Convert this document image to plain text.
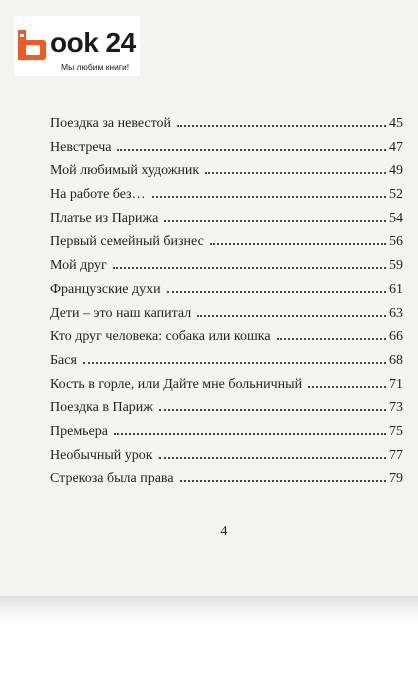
ook 24
Мы любим книги!
Поездка за невестой	45
Невстреча	47
Мой любимый художник	49
На работе без…	52
Платье из Парижа	54
Первый семейный бизнес	56
Мой друг	59
Французские духи	61
Дети – это наш капитал	63
Кто друг человека: собака или кошка	66
Бася	68
Кость в горле, или Дайте мне больничный	71
Поездка в Париж	73
Премьера	75
Необычный урок	77
Стрекоза была права	79
4
